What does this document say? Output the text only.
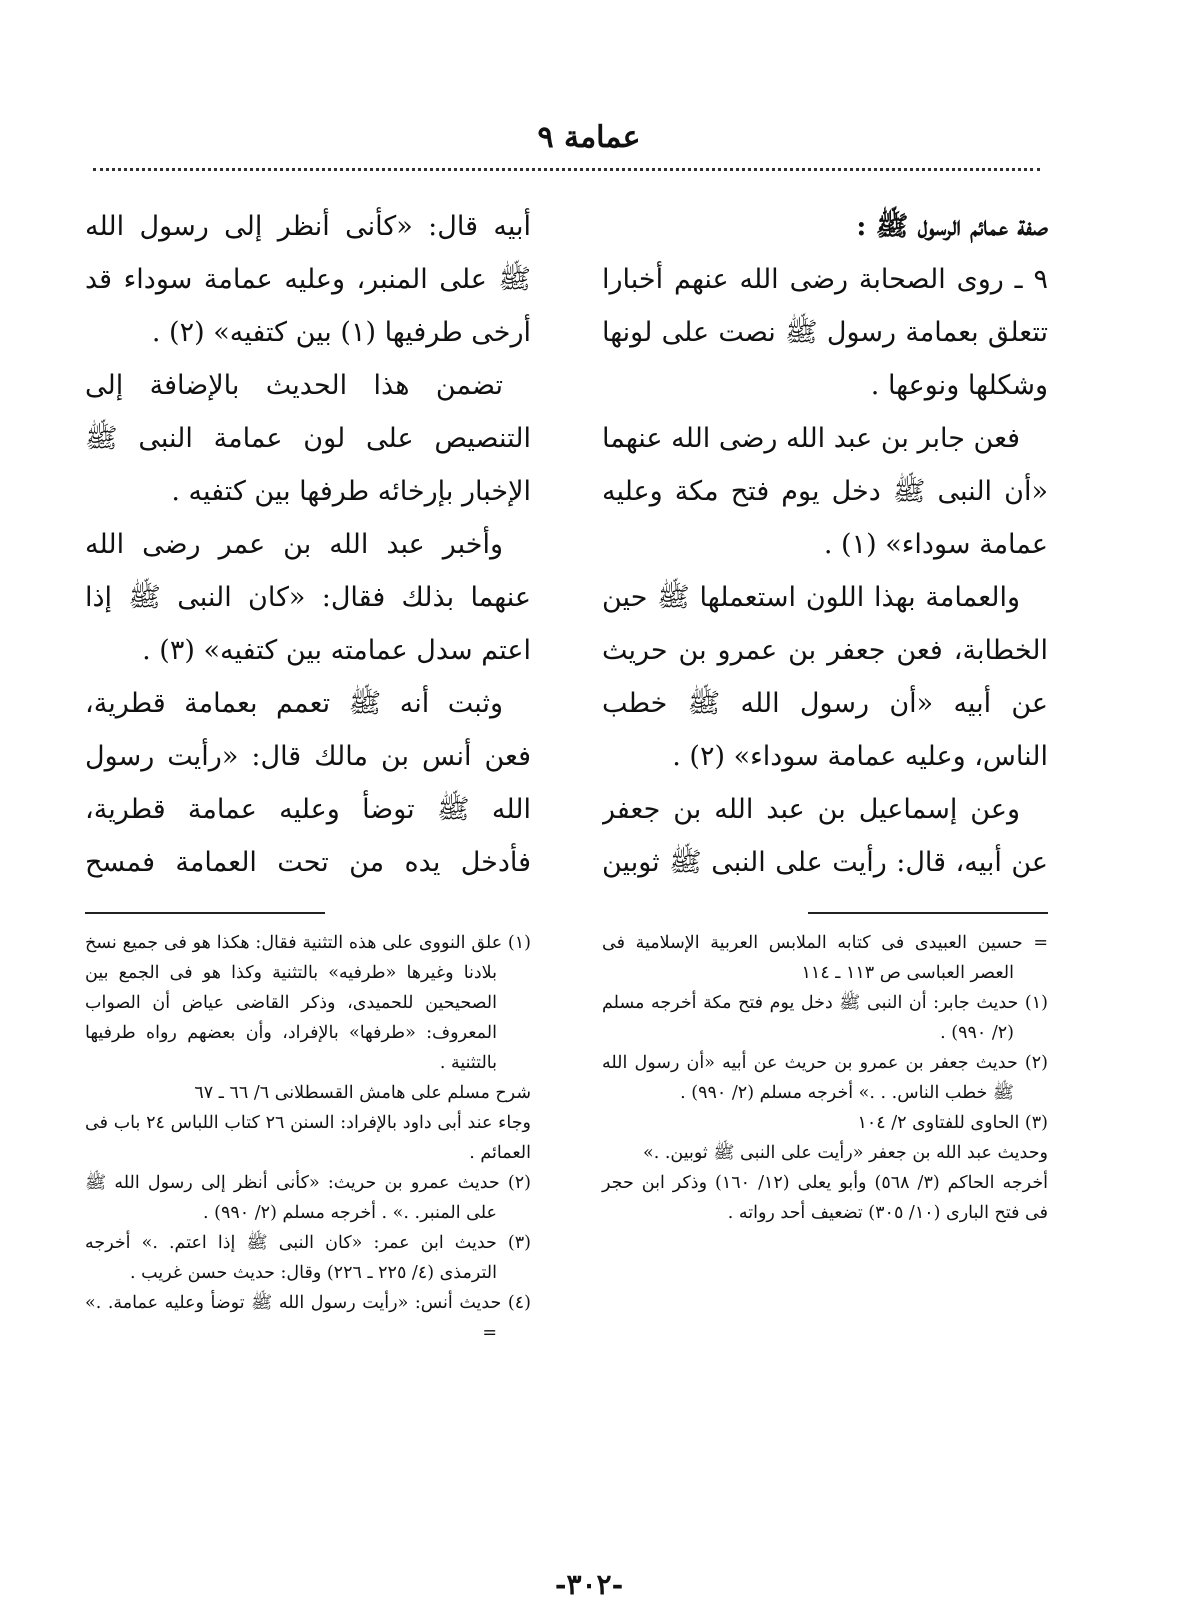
عمامة ٩

صفة عمائم الرسول ﷺ :

٩ ـ روى الصحابة رضى الله عنهم أخبارا تتعلق بعمامة رسول ﷺ نصت على لونها وشكلها ونوعها .

فعن جابر بن عبد الله رضى الله عنهما «أن النبى ﷺ دخل يوم فتح مكة وعليه عمامة سوداء» (١) .

والعمامة بهذا اللون استعملها ﷺ حين الخطابة، فعن جعفر بن عمرو بن حريث عن أبيه «أن رسول الله ﷺ خطب الناس، وعليه عمامة سوداء» (٢) .

وعن إسماعيل بن عبد الله بن جعفر عن أبيه، قال: رأيت على النبى ﷺ ثوبين

= حسين العبيدى فى كتابه الملابس العربية الإسلامية فى العصر العباسى ص ١١٣ ـ ١١٤

(١) حديث جابر: أن النبى ﷺ دخل يوم فتح مكة أخرجه مسلم (٢/ ٩٩٠) .

(٢) حديث جعفر بن عمرو بن حريث عن أبيه «أن رسول الله ﷺ خطب الناس. . .» أخرجه مسلم (٢/ ٩٩٠) .

(٣) الحاوى للفتاوى ٢/ ١٠٤

وحديث عبد الله بن جعفر «رأيت على النبى ﷺ ثوبين. .»

أخرجه الحاكم (٣/ ٥٦٨) وأبو يعلى (١٢/ ١٦٠) وذكر ابن حجر فى فتح البارى (١٠/ ٣٠٥) تضعيف أحد رواته .

أبيه قال: «كأنى أنظر إلى رسول الله ﷺ على المنبر، وعليه عمامة سوداء قد أرخى طرفيها (١) بين كتفيه» (٢) .

تضمن هذا الحديث بالإضافة إلى التنصيص على لون عمامة النبى ﷺ الإخبار بإرخائه طرفها بين كتفيه .

وأخبر عبد الله بن عمر رضى الله عنهما بذلك فقال: «كان النبى ﷺ إذا اعتم سدل عمامته بين كتفيه» (٣) .

وثبت أنه ﷺ تعمم بعمامة قطرية، فعن أنس بن مالك قال: «رأيت رسول الله ﷺ توضأ وعليه عمامة قطرية، فأدخل يده من تحت العمامة فمسح

(١) علق النووى على هذه التثنية فقال: هكذا هو فى جميع نسخ بلادنا وغيرها «طرفيه» بالتثنية وكذا هو فى الجمع بين الصحيحين للحميدى، وذكر القاضى عياض أن الصواب المعروف: «طرفها» بالإفراد، وأن بعضهم رواه طرفيها بالتثنية .

شرح مسلم على هامش القسطلانى ٦/ ٦٦ ـ ٦٧

وجاء عند أبى داود بالإفراد: السنن ٢٦ كتاب اللباس ٢٤ باب فى العمائم .

(٢) حديث عمرو بن حريث: «كأنى أنظر إلى رسول الله ﷺ على المنبر. .» . أخرجه مسلم (٢/ ٩٩٠) .

(٣) حديث ابن عمر: «كان النبى ﷺ إذا اعتم. .» أخرجه الترمذى (٤/ ٢٢٥ ـ ٢٢٦) وقال: حديث حسن غريب .

(٤) حديث أنس: «رأيت رسول الله ﷺ توضأ وعليه عمامة. .» =

-٣٠٢-
